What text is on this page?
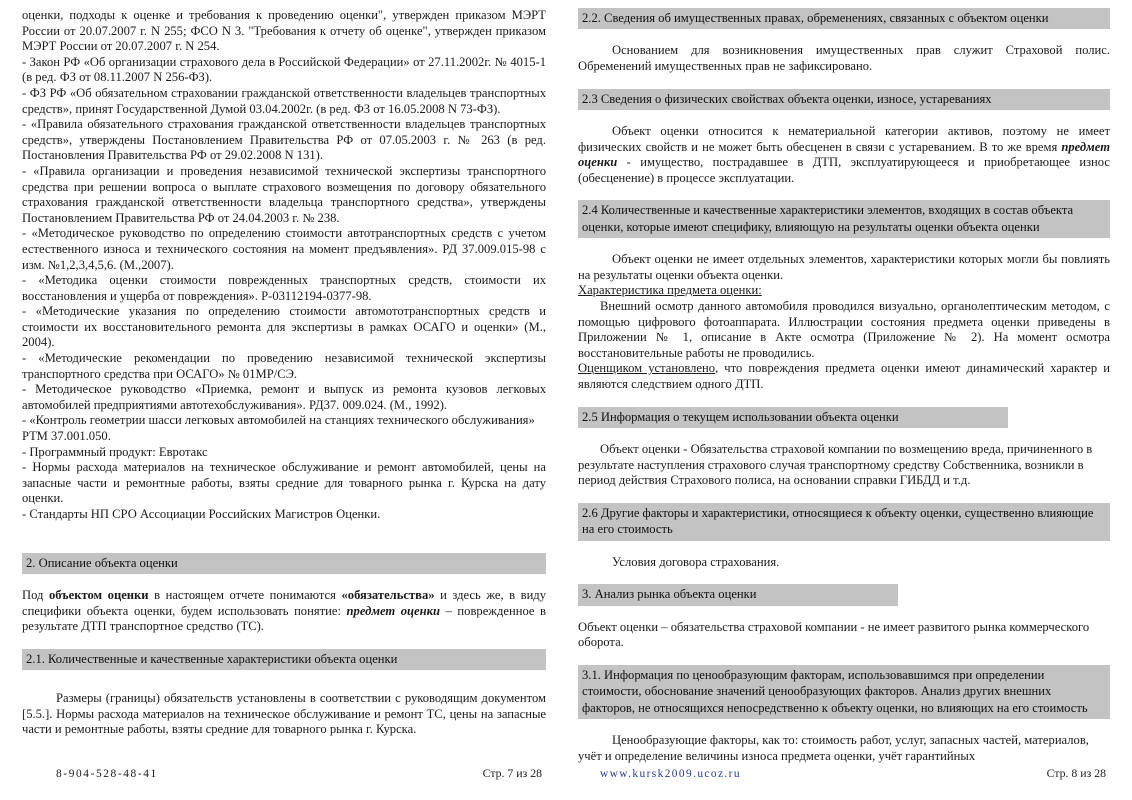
оценки, подходы к оценке и требования к проведению оценки", утвержден приказом МЭРТ России от 20.07.2007 г. N 255; ФСО N 3. "Требования к отчету об оценке", утвержден приказом МЭРТ России от 20.07.2007 г. N 254.

- Закон РФ «Об организации страхового дела в Российской Федерации» от 27.11.2002г. № 4015-1 (в ред. ФЗ от 08.11.2007 N 256-ФЗ).

- ФЗ РФ «Об обязательном страховании гражданской ответственности владельцев транспортных средств», принят Государственной Думой 03.04.2002г. (в ред. ФЗ от 16.05.2008 N 73-ФЗ).

- «Правила обязательного страхования гражданской ответственности владельцев транспортных средств», утверждены Постановлением Правительства РФ от 07.05.2003 г. № 263 (в ред. Постановления Правительства РФ от 29.02.2008 N 131).

- «Правила организации и проведения независимой технической экспертизы транспортного средства при решении вопроса о выплате страхового возмещения по договору обязательного страхования гражданской ответственности владельца транспортного средства», утверждены Постановлением Правительства РФ от 24.04.2003 г. № 238.

- «Методическое руководство по определению стоимости автотранспортных средств с учетом естественного износа и технического состояния на момент предъявления». РД 37.009.015-98 с изм. №1,2,3,4,5,6. (М.,2007).

- «Методика оценки стоимости поврежденных транспортных средств, стоимости их восстановления и ущерба от повреждения». Р-03112194-0377-98.

- «Методические указания по определению стоимости автомототранспортных средств и стоимости их восстановительного ремонта для экспертизы в рамках ОСАГО и оценки» (М., 2004).

- «Методические рекомендации по проведению независимой технической экспертизы транспортного средства при ОСАГО» № 01МР/СЭ.

- Методическое руководство «Приемка, ремонт и выпуск из ремонта кузовов легковых автомобилей предприятиями автотехобслуживания». РД37. 009.024. (М., 1992).

- «Контроль геометрии шасси легковых автомобилей на станциях технического обслуживания»

РТМ 37.001.050.

- Программный продукт: Евротакс

- Нормы расхода материалов на техническое обслуживание и ремонт автомобилей, цены на запасные части и ремонтные работы, взяты средние для товарного рынка г. Курска на дату оценки.

- Стандарты НП СРО Ассоциации Российских Магистров Оценки.

2. Описание объекта оценки

Под объектом оценки в настоящем отчете понимаются «обязательства» и здесь же, в виду специфики объекта оценки, будем использовать понятие: предмет оценки – поврежденное в результате ДТП транспортное средство (ТС).

2.1. Количественные и качественные характеристики объекта оценки

Размеры (границы) обязательств установлены в соответствии с руководящим документом [5.5.]. Нормы расхода материалов на техническое обслуживание и ремонт ТС, цены на запасные части и ремонтные работы, взяты средние для товарного рынка г. Курска.

8-904-528-48-41	Стр. 7 из 28
2.2. Сведения об имущественных правах, обременениях, связанных с объектом оценки

Основанием для возникновения имущественных прав служит Страховой полис. Обременений имущественных прав не зафиксировано.

2.3 Сведения о физических свойствах объекта оценки, износе, устареваниях

Объект оценки относится к нематериальной категории активов, поэтому не имеет физических свойств и не может быть обесценен в связи с устареванием. В то же время предмет оценки - имущество, пострадавшее в ДТП, эксплуатирующееся и приобретающее износ (обесценение) в процессе эксплуатации.

2.4 Количественные и качественные характеристики элементов, входящих в состав объекта оценки, которые имеют специфику, влияющую на результаты оценки объекта оценки

Объект оценки не имеет отдельных элементов, характеристики которых могли бы повлиять на результаты оценки объекта оценки.

Характеристика предмета оценки:

Внешний осмотр данного автомобиля проводился визуально, органолептическим методом, с помощью цифрового фотоаппарата. Иллюстрации состояния предмета оценки приведены в Приложении № 1, описание в Акте осмотра (Приложение № 2). На момент осмотра восстановительные работы не проводились.

Оценщиком установлено, что повреждения предмета оценки имеют динамический характер и являются следствием одного ДТП.

2.5 Информация о текущем использовании объекта оценки

Объект оценки - Обязательства страховой компании по возмещению вреда, причиненного в результате наступления страхового случая транспортному средству Собственника, возникли в период действия Страхового полиса, на основании справки ГИБДД и т.д.

2.6 Другие факторы и характеристики, относящиеся к объекту оценки, существенно влияющие на его стоимость

Условия договора страхования.

3. Анализ рынка объекта оценки

Объект оценки – обязательства страховой компании - не имеет развитого рынка коммерческого оборота.

3.1. Информация по ценообразующим факторам, использовавшимся при определении стоимости, обоснование значений ценообразующих факторов. Анализ других внешних факторов, не относящихся непосредственно к объекту оценки, но влияющих на его стоимость

Ценообразующие факторы, как то: стоимость работ, услуг, запасных частей, материалов, учёт и определение величины износа предмета оценки, учёт гарантийных

www.kursk2009.ucoz.ru	Стр. 8 из 28
